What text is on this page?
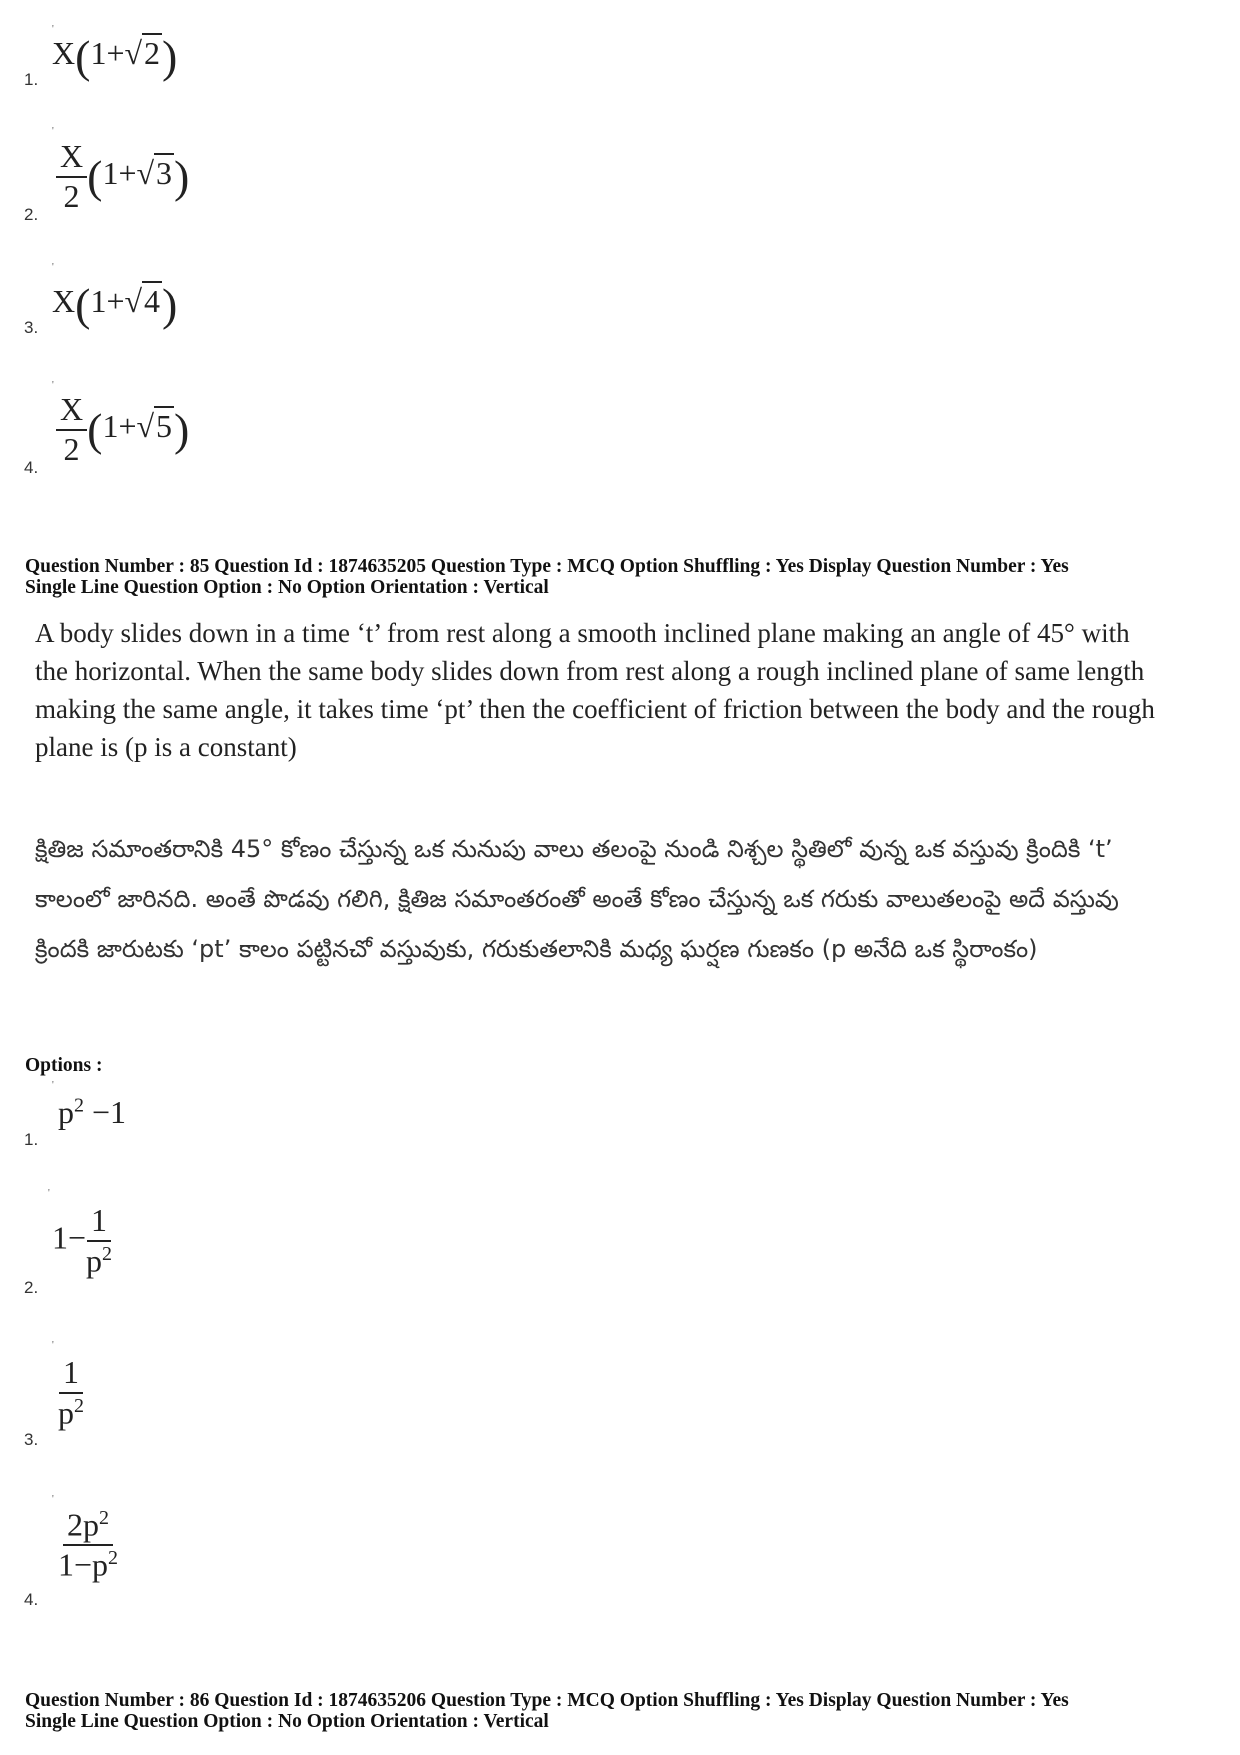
'
1.
X(1+√2)
'
2.
$\frac{X}{2} (1+√3)$
'
3.
X(1+√4)
'
4.
$\frac{X}{2} (1+√5)$
Question Number : 85 Question Id : 1874635205 Question Type : MCQ Option Shuffling : Yes Display Question Number : Yes
Single Line Question Option : No Option Orientation : Vertical
A body slides down in a time ‘t’ from rest along a smooth inclined plane making an angle of 45° with the horizontal. When the same body slides down from rest along a rough inclined plane of same length making the same angle, it takes time ‘pt’ then the coefficient of friction between the body and the rough plane is (p is a constant)
క్షితిజ సమాంతరానికి 45° కోణం చేస్తున్న ఒక నునుపు వాలు తలంపై నుండి నిశ్చల స్థితిలో వున్న ఒక వస్తువు క్రిందికి ‘t’ కాలంలో జారినది. అంతే పొడవు గలిగి, క్షితిజ సమాంతరంతో అంతే కోణం చేస్తున్న ఒక గరుకు వాలుతలంపై అదే వస్తువు క్రిందకి జారుటకు ‘pt’ కాలం పట్టినచో వస్తువుకు, గరుకుతలానికి మధ్య ఘర్షణ గుణకం (p అనేది ఒక స్థిరాంకం)
Options :
'
1.
$p^2 -1$
'
2.
$1- \frac{1}{p^2}$
'
3.
$\frac{1}{p^2}$
'
4.
$\frac{2p^2}{1-p^2}$
Question Number : 86 Question Id : 1874635206 Question Type : MCQ Option Shuffling : Yes Display Question Number : Yes
Single Line Question Option : No Option Orientation : Vertical
